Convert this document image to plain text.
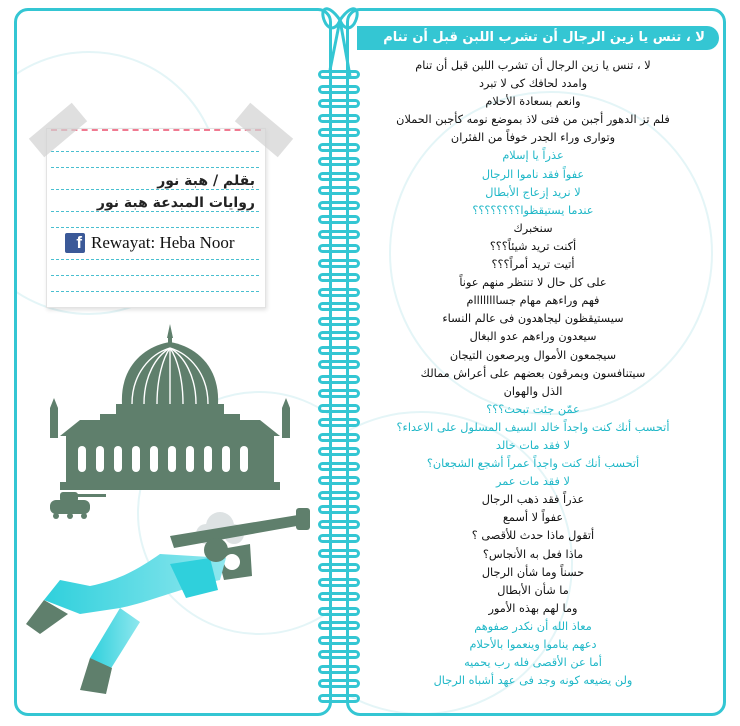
بقلم / هبة نور
روايات المبدعة هبة نور
f Rewayat: Heba Noor
لا ، تنس يا زين الرجال أن تشرب اللبن قبل أن تنام
لا ، تنس يا زين الرجال أن تشرب اللبن قبل أن تنام
وامدد لحافك كى لا تبرد
وانعم بسعادة الأحلام
فلم تز الدهور أجبن من فتى لاذ بموضع نومه كأجبن الحملان
وتوارى وراء الجدر خوفاً من الفئران
عذراً يا إسلام
عفواً فقد ناموا الرجال
لا نريد إزعاج الأبطال
عندما يستيقظوا؟؟؟؟؟؟؟؟
سنخبرك
أكنت تريد شيئاً؟؟؟
أتيت تريد أمراً؟؟؟
على كل حال لا تنتظر منهم عوناً
فهم وراءهم مهام جساااااااام
سيستيقظون ليجاهدون فى عالم النساء
سيعدون وراءهم عدو البغال
سيجمعون الأموال ويرصعون التيجان
سيتنافسون ويمرقون بعضهم على أعراش ممالك
الذل والهوان
عمّن جئت تبحث؟؟؟
أتحسب أنك كنت واجداً خالد السيف المسلول على الاعداء؟
لا فقد مات خالد
أتحسب أنك كنت واجداً عمراً أشجع الشجعان؟
لا فقد مات عمر
عذراً فقد ذهب الرجال
عفواً لا أسمع
أتقول ماذا حدث للأقصى ؟
ماذا فعل به الأنجاس؟
حسناً وما شأن الرجال
ما شأن الأبطال
وما لهم بهذه الأمور
معاذ الله أن نكدر صفوهم
دعهم يناموا وينعموا بالأحلام
أما عن الأقصى فله رب يحميه
ولن يضيعه كونه وجد فى عهد أشباه الرجال
